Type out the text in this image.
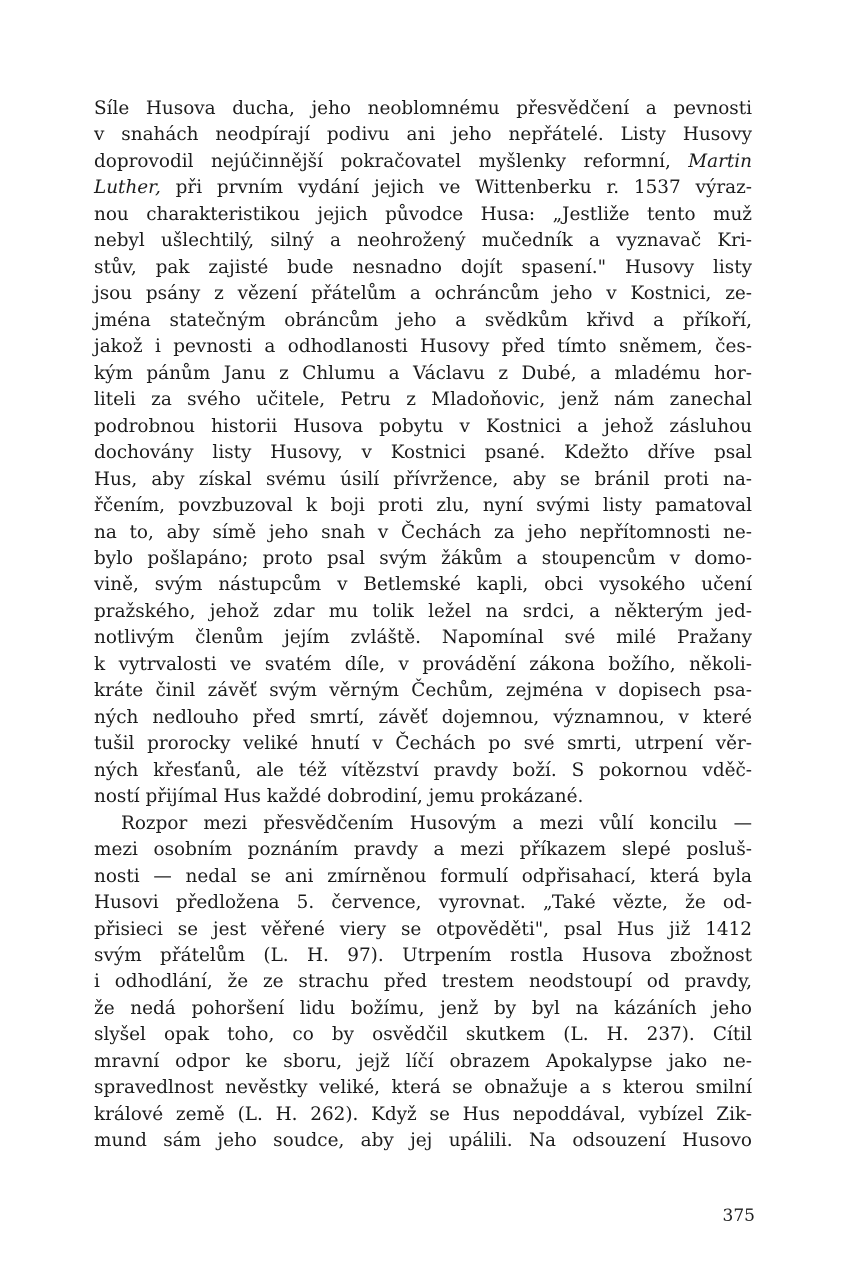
Síle Husova ducha, jeho neoblomnému přesvědčení a pevnosti
v snahách neodpírají podivu ani jeho nepřátelé. Listy Husovy
doprovodil nejúčinnější pokračovatel myšlenky reformní, Martin
Luther, při prvním vydání jejich ve Wittenberku r. 1537 výraz-
nou charakteristikou jejich původce Husa: „Jestliže tento muž
nebyl ušlechtilý, silný a neohrožený mučedník a vyznavač Kri-
stův, pak zajisté bude nesnadno dojít spasení." Husovy listy
jsou psány z vězení přátelům a ochráncům jeho v Kostnici, ze-
jména statečným obráncům jeho a svědkům křivd a příkoří,
jakož i pevnosti a odhodlanosti Husovy před tímto sněmem, čes-
kým pánům Janu z Chlumu a Václavu z Dubé, a mladému hor-
liteli za svého učitele, Petru z Mladoňovic, jenž nám zanechal
podrobnou historii Husova pobytu v Kostnici a jehož zásluhou
dochovány listy Husovy, v Kostnici psané. Kdežto dříve psal
Hus, aby získal svému úsilí přívržence, aby se bránil proti na-
řčením, povzbuzoval k boji proti zlu, nyní svými listy pamatoval
na to, aby símě jeho snah v Čechách za jeho nepřítomnosti ne-
bylo pošlapáno; proto psal svým žákům a stoupencům v domo-
vině, svým nástupcům v Betlemské kapli, obci vysokého učení
pražského, jehož zdar mu tolik ležel na srdci, a některým jed-
notlivým členům jejím zvláště. Napomínal své milé Pražany
k vytrvalosti ve svatém díle, v provádění zákona božího, několi-
kráte činil závěť svým věrným Čechům, zejména v dopisech psa-
ných nedlouho před smrtí, závěť dojemnou, významnou, v které
tušil prorocky veliké hnutí v Čechách po své smrti, utrpení věr-
ných křesťanů, ale též vítězství pravdy boží. S pokornou vděč-
ností přijímal Hus každé dobrodiní, jemu prokázané.
Rozpor mezi přesvědčením Husovým a mezi vůlí koncilu —
mezi osobním poznáním pravdy a mezi příkazem slepé posluš-
nosti — nedal se ani zmírněnou formulí odpřisahací, která byla
Husovi předložena 5. července, vyrovnat. „Také vězte, že od-
přisieci se jest věřené viery se otpověděti", psal Hus již 1412
svým přátelům (L. H. 97). Utrpením rostla Husova zbožnost
i odhodlání, že ze strachu před trestem neodstoupí od pravdy,
že nedá pohoršení lidu božímu, jenž by byl na kázáních jeho
slyšel opak toho, co by osvědčil skutkem (L. H. 237). Cítil
mravní odpor ke sboru, jejž líčí obrazem Apokalypse jako ne-
spravedlnost nevěstky veliké, která se obnažuje a s kterou smilní
králové země (L. H. 262). Když se Hus nepoddával, vybízel Zik-
mund sám jeho soudce, aby jej upálili. Na odsouzení Husovo
375
